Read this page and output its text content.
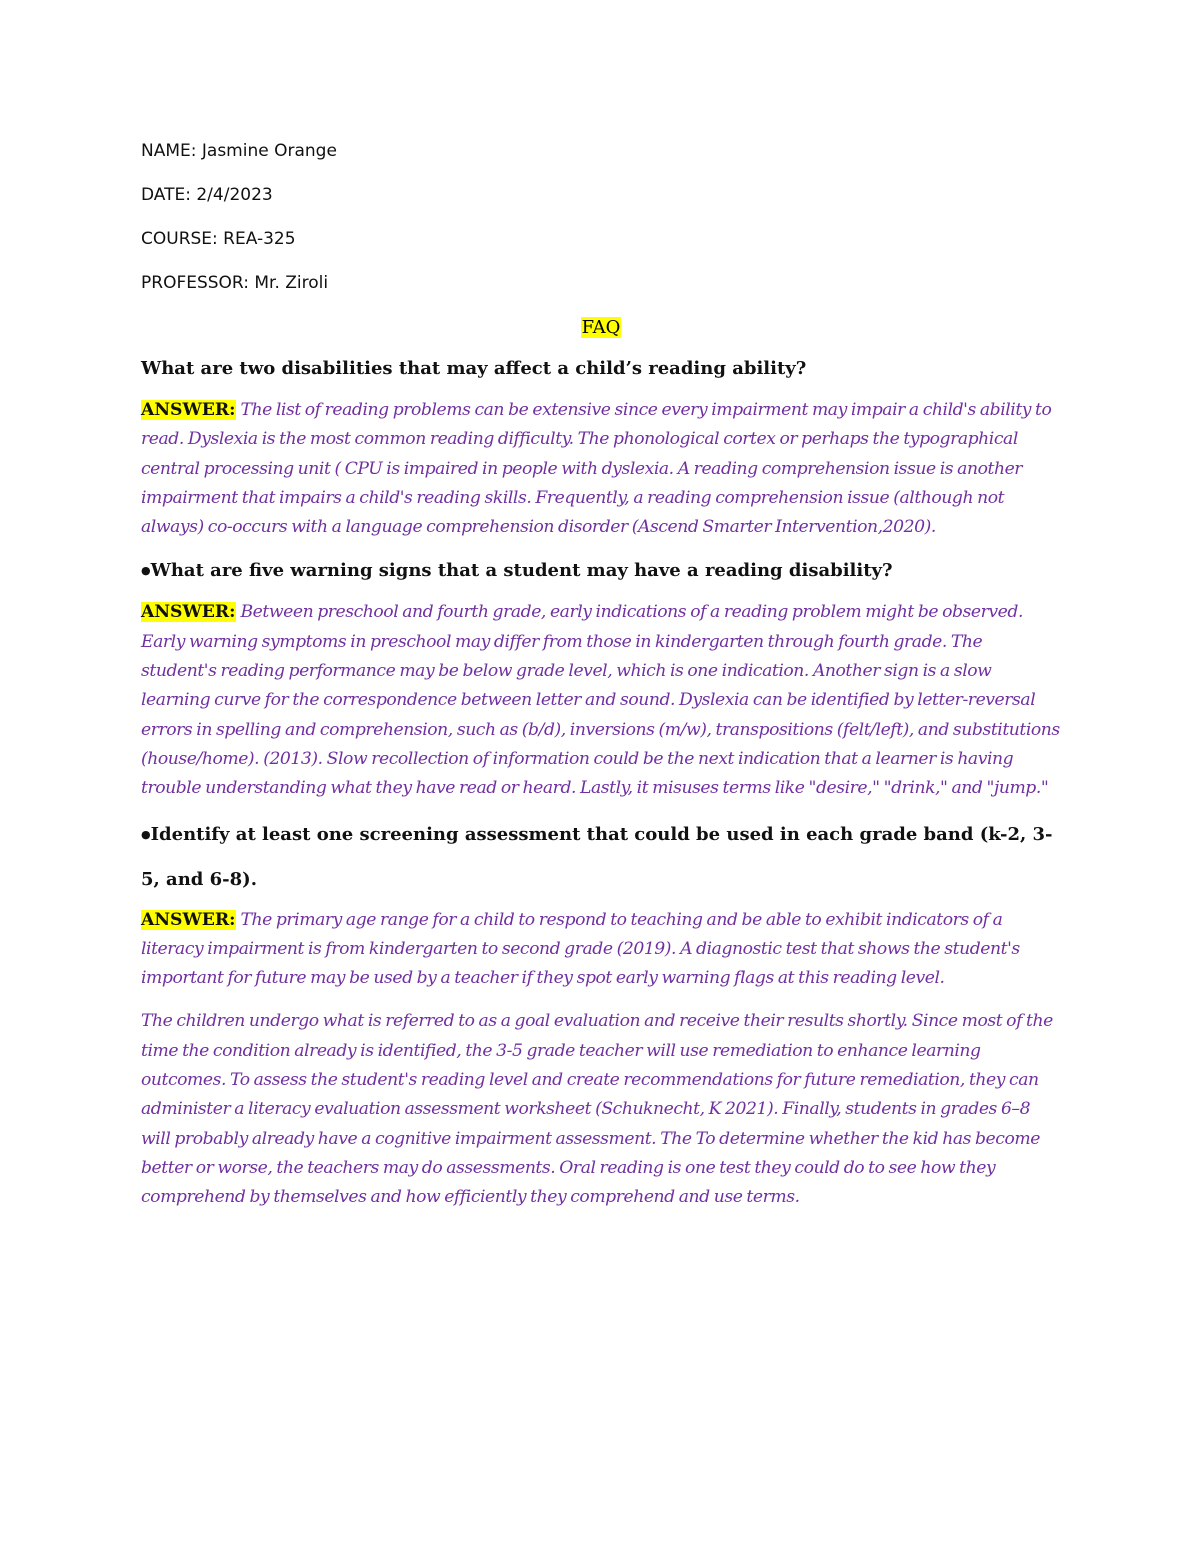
NAME: Jasmine Orange

DATE: 2/4/2023

COURSE: REA-325

PROFESSOR: Mr. Ziroli

FAQ

What are two disabilities that may affect a child’s reading ability?

ANSWER: The list of reading problems can be extensive since every impairment may impair a child's ability to read. Dyslexia is the most common reading difficulty. The phonological cortex or perhaps the typographical central processing unit ( CPU is impaired in people with dyslexia. A reading comprehension issue is another impairment that impairs a child's reading skills. Frequently, a reading comprehension issue (although not always) co-occurs with a language comprehension disorder (Ascend Smarter Intervention,2020).

●What are five warning signs that a student may have a reading disability?

ANSWER: Between preschool and fourth grade, early indications of a reading problem might be observed. Early warning symptoms in preschool may differ from those in kindergarten through fourth grade. The student's reading performance may be below grade level, which is one indication. Another sign is a slow learning curve for the correspondence between letter and sound. Dyslexia can be identified by letter-reversal errors in spelling and comprehension, such as (b/d), inversions (m/w), transpositions (felt/left), and substitutions (house/home). (2013). Slow recollection of information could be the next indication that a learner is having trouble understanding what they have read or heard. Lastly, it misuses terms like "desire," "drink," and "jump."

●Identify at least one screening assessment that could be used in each grade band (k-2, 3-5, and 6-8).

ANSWER: The primary age range for a child to respond to teaching and be able to exhibit indicators of a literacy impairment is from kindergarten to second grade (2019). A diagnostic test that shows the student's important for future may be used by a teacher if they spot early warning flags at this reading level.

The children undergo what is referred to as a goal evaluation and receive their results shortly. Since most of the time the condition already is identified, the 3-5 grade teacher will use remediation to enhance learning outcomes. To assess the student's reading level and create recommendations for future remediation, they can administer a literacy evaluation assessment worksheet (Schuknecht, K 2021). Finally, students in grades 6–8 will probably already have a cognitive impairment assessment. The To determine whether the kid has become better or worse, the teachers may do assessments. Oral reading is one test they could do to see how they comprehend by themselves and how efficiently they comprehend and use terms.
